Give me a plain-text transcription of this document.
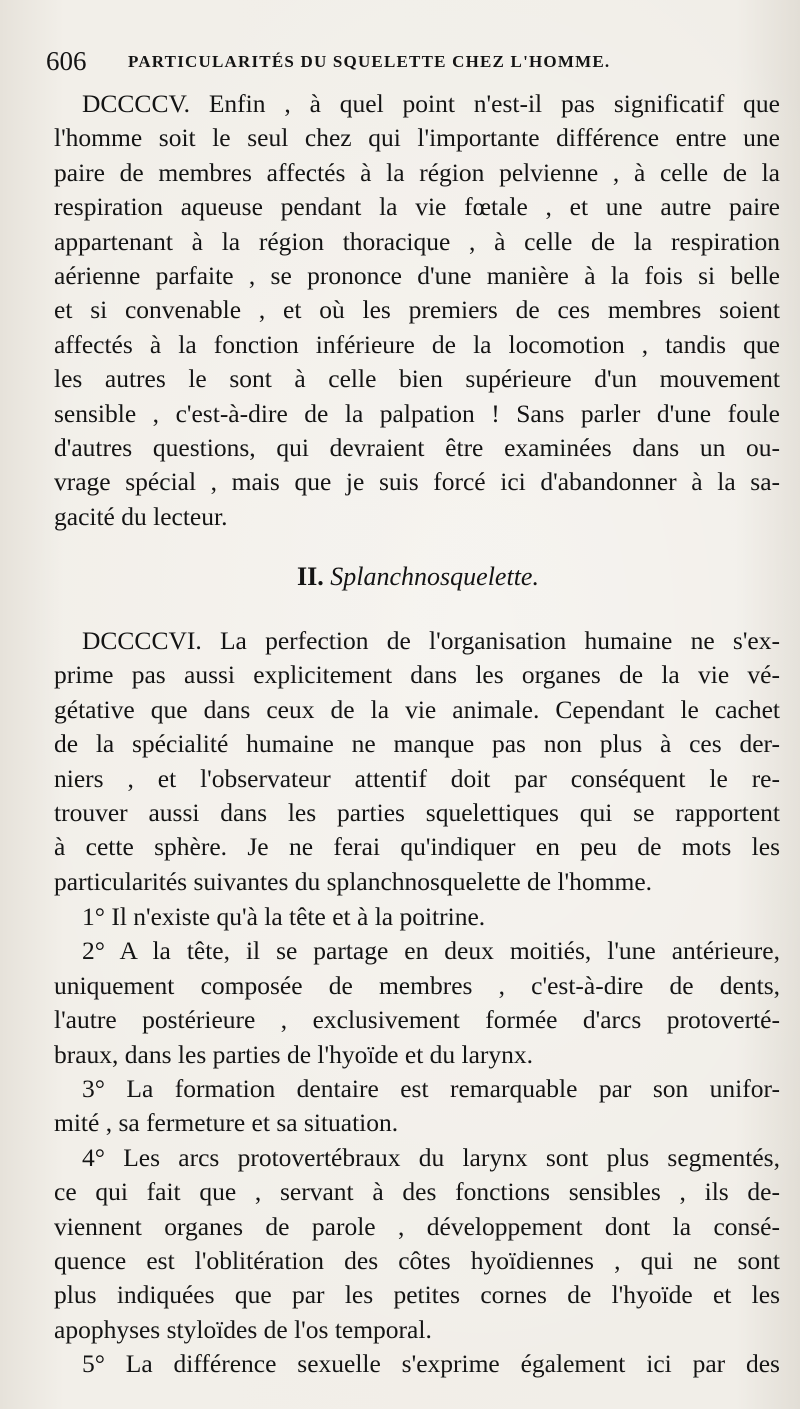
606 PARTICULARITÉS DU SQUELETTE CHEZ L'HOMME.
DCCCCV. Enfin , à quel point n'est-il pas significatif que
l'homme soit le seul chez qui l'importante différence entre une
paire de membres affectés à la région pelvienne , à celle de la
respiration aqueuse pendant la vie fœtale , et une autre paire
appartenant à la région thoracique , à celle de la respiration
aérienne parfaite , se prononce d'une manière à la fois si belle
et si convenable , et où les premiers de ces membres soient
affectés à la fonction inférieure de la locomotion , tandis que
les autres le sont à celle bien supérieure d'un mouvement
sensible , c'est-à-dire de la palpation ! Sans parler d'une foule
d'autres questions, qui devraient être examinées dans un ou-
vrage spécial , mais que je suis forcé ici d'abandonner à la sa-
gacité du lecteur.
II. Splanchnosquelette.
DCCCCVI. La perfection de l'organisation humaine ne s'ex-
prime pas aussi explicitement dans les organes de la vie vé-
gétative que dans ceux de la vie animale. Cependant le cachet
de la spécialité humaine ne manque pas non plus à ces der-
niers , et l'observateur attentif doit par conséquent le re-
trouver aussi dans les parties squelettiques qui se rapportent
à cette sphère. Je ne ferai qu'indiquer en peu de mots les
particularités suivantes du splanchnosquelette de l'homme.
1° Il n'existe qu'à la tête et à la poitrine.
2° A la tête, il se partage en deux moitiés, l'une antérieure,
uniquement composée de membres , c'est-à-dire de dents,
l'autre postérieure , exclusivement formée d'arcs protoverté-
braux, dans les parties de l'hyoïde et du larynx.
3° La formation dentaire est remarquable par son unifor-
mité , sa fermeture et sa situation.
4° Les arcs protovertébraux du larynx sont plus segmentés,
ce qui fait que , servant à des fonctions sensibles , ils de-
viennent organes de parole , développement dont la consé-
quence est l'oblitération des côtes hyoïdiennes , qui ne sont
plus indiquées que par les petites cornes de l'hyoïde et les
apophyses styloïdes de l'os temporal.
5° La différence sexuelle s'exprime également ici par des
